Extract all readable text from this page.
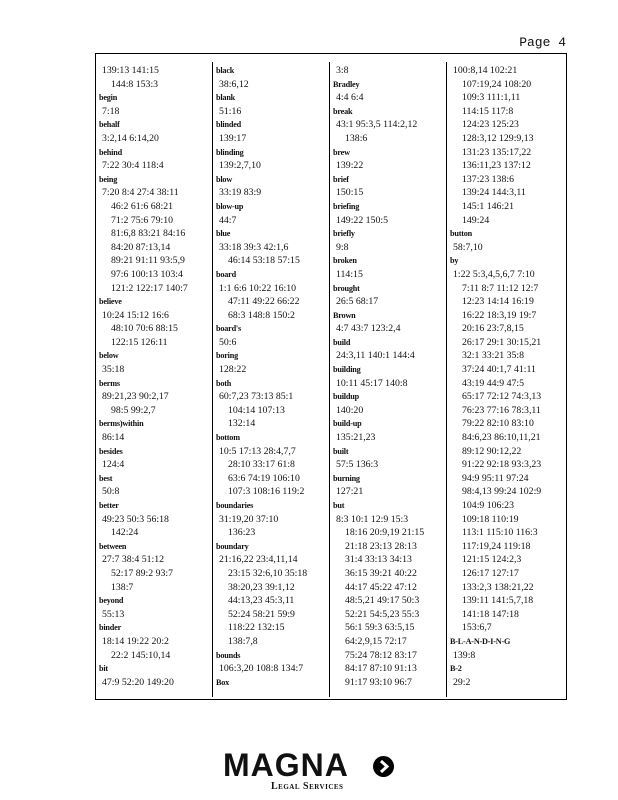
Page 4
139:13 141:15
144:8 153:3
begin
7:18
behalf
3:2,14 6:14,20
behind
7:22 30:4 118:4
being
7:20 8:4 27:4 38:11
46:2 61:6 68:21
71:2 75:6 79:10
81:6,8 83:21 84:16
84:20 87:13,14
89:21 91:11 93:5,9
97:6 100:13 103:4
121:2 122:17 140:7
believe
10:24 15:12 16:6
48:10 70:6 88:15
122:15 126:11
below
35:18
berms
89:21,23 90:2,17
98:5 99:2,7
berms)within
86:14
besides
124:4
best
50:8
better
49:23 50:3 56:18
142:24
between
27:7 38:4 51:12
52:17 89:2 93:7
138:7
beyond
55:13
binder
18:14 19:22 20:2
22:2 145:10,14
bit
47:9 52:20 149:20
black
38:6,12
blank
51:16
blinded
139:17
blinding
139:2,7,10
blow
33:19 83:9
blow-up
44:7
blue
33:18 39:3 42:1,6
46:14 53:18 57:15
board
1:1 6:6 10:22 16:10
47:11 49:22 66:22
68:3 148:8 150:2
board's
50:6
boring
128:22
both
60:7,23 73:13 85:1
104:14 107:13
132:14
bottom
10:5 17:13 28:4,7,7
28:10 33:17 61:8
63:6 74:19 106:10
107:3 108:16 119:2
boundaries
31:19,20 37:10
136:23
boundary
21:16,22 23:4,11,14
23:15 32:6,10 35:18
38:20,23 39:1,12
44:13,23 45:3,11
52:24 58:21 59:9
118:22 132:15
138:7,8
bounds
106:3,20 108:8 134:7
Box
3:8
Bradley
4:4 6:4
break
43:1 95:3,5 114:2,12
138:6
brew
139:22
brief
150:15
briefing
149:22 150:5
briefly
9:8
broken
114:15
brought
26:5 68:17
Brown
4:7 43:7 123:2,4
build
24:3,11 140:1 144:4
building
10:11 45:17 140:8
buildup
140:20
build-up
135:21,23
built
57:5 136:3
burning
127:21
but
8:3 10:1 12:9 15:3
18:16 20:9,19 21:15
21:18 23:13 28:13
31:4 33:13 34:13
36:15 39:21 40:22
44:17 45:22 47:12
48:5,21 49:17 50:3
52:21 54:5,23 55:3
56:1 59:3 63:5,15
64:2,9,15 72:17
75:24 78:12 83:17
84:17 87:10 91:13
91:17 93:10 96:7
100:8,14 102:21
107:19,24 108:20
109:3 111:1,11
114:15 117:8
124:23 125:23
128:3,12 129:9,13
131:23 135:17,22
136:11,23 137:12
137:23 138:6
139:24 144:3,11
145:1 146:21
149:24
button
58:7,10
by
1:22 5:3,4,5,6,7 7:10
7:11 8:7 11:12 12:7
12:23 14:14 16:19
16:22 18:3,19 19:7
20:16 23:7,8,15
26:17 29:1 30:15,21
32:1 33:21 35:8
37:24 40:1,7 41:11
43:19 44:9 47:5
65:17 72:12 74:3,13
76:23 77:16 78:3,11
79:22 82:10 83:10
84:6,23 86:10,11,21
89:12 90:12,22
91:22 92:18 93:3,23
94:9 95:11 97:24
98:4,13 99:24 102:9
104:9 106:23
109:18 110:19
113:1 115:10 116:3
117:19,24 119:18
121:15 124:2,3
126:17 127:17
133:2,3 138:21,22
139:11 141:5,7,18
141:18 147:18
153:6,7
B-L-A-N-D-I-N-G
139:8
B-2
29:2
MAGNA
Legal Services
